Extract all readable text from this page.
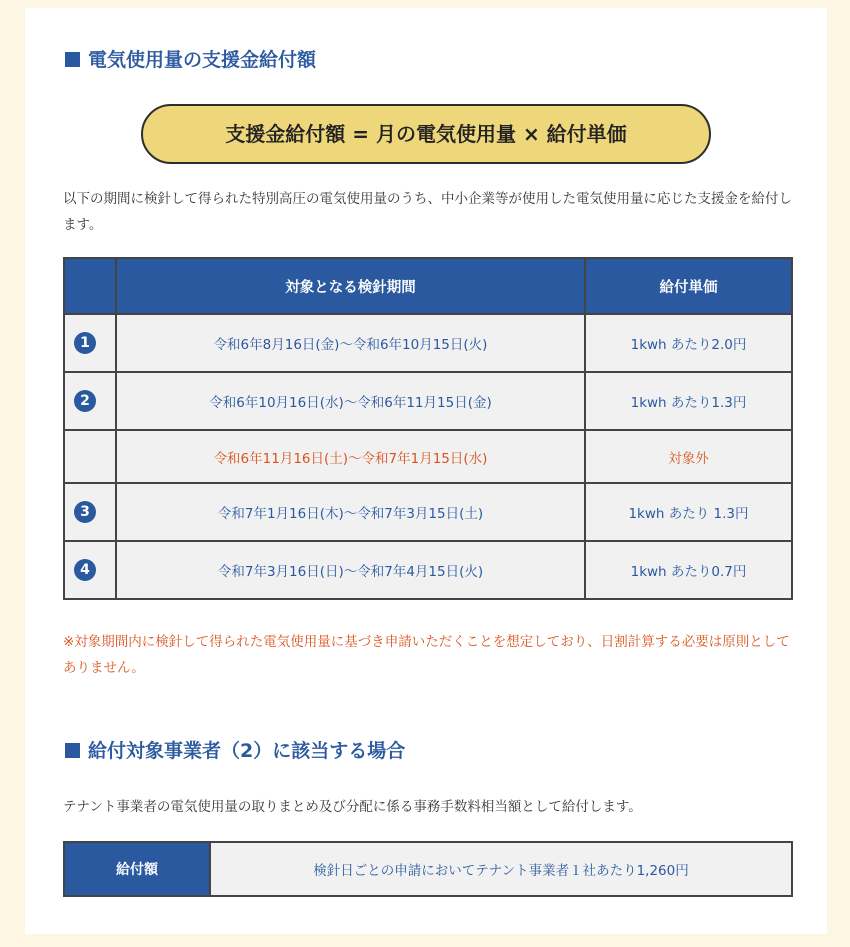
電気使用量の支援金給付額
支援金給付額 = 月の電気使用量 × 給付単価

以下の期間に検針して得られた特別高圧の電気使用量のうち、中小企業等が使用した電気使用量に応じた支援金を給付します。

	対象となる検針期間	給付単価
1	令和6年8月16日(金)〜令和6年10月15日(火)	1kwh あたり2.0円
2	令和6年10月16日(水)〜令和6年11月15日(金)	1kwh あたり1.3円
	令和6年11月16日(土)〜令和7年1月15日(水)	対象外
3	令和7年1月16日(木)〜令和7年3月15日(土)	1kwh あたり 1.3円
4	令和7年3月16日(日)〜令和7年4月15日(火)	1kwh あたり0.7円

※対象期間内に検針して得られた電気使用量に基づき申請いただくことを想定しており、日割計算する必要は原則としてありません。

給付対象事業者（2）に該当する場合

テナント事業者の電気使用量の取りまとめ及び分配に係る事務手数料相当額として給付します。

給付額	検針日ごとの申請においてテナント事業者１社あたり1,260円
